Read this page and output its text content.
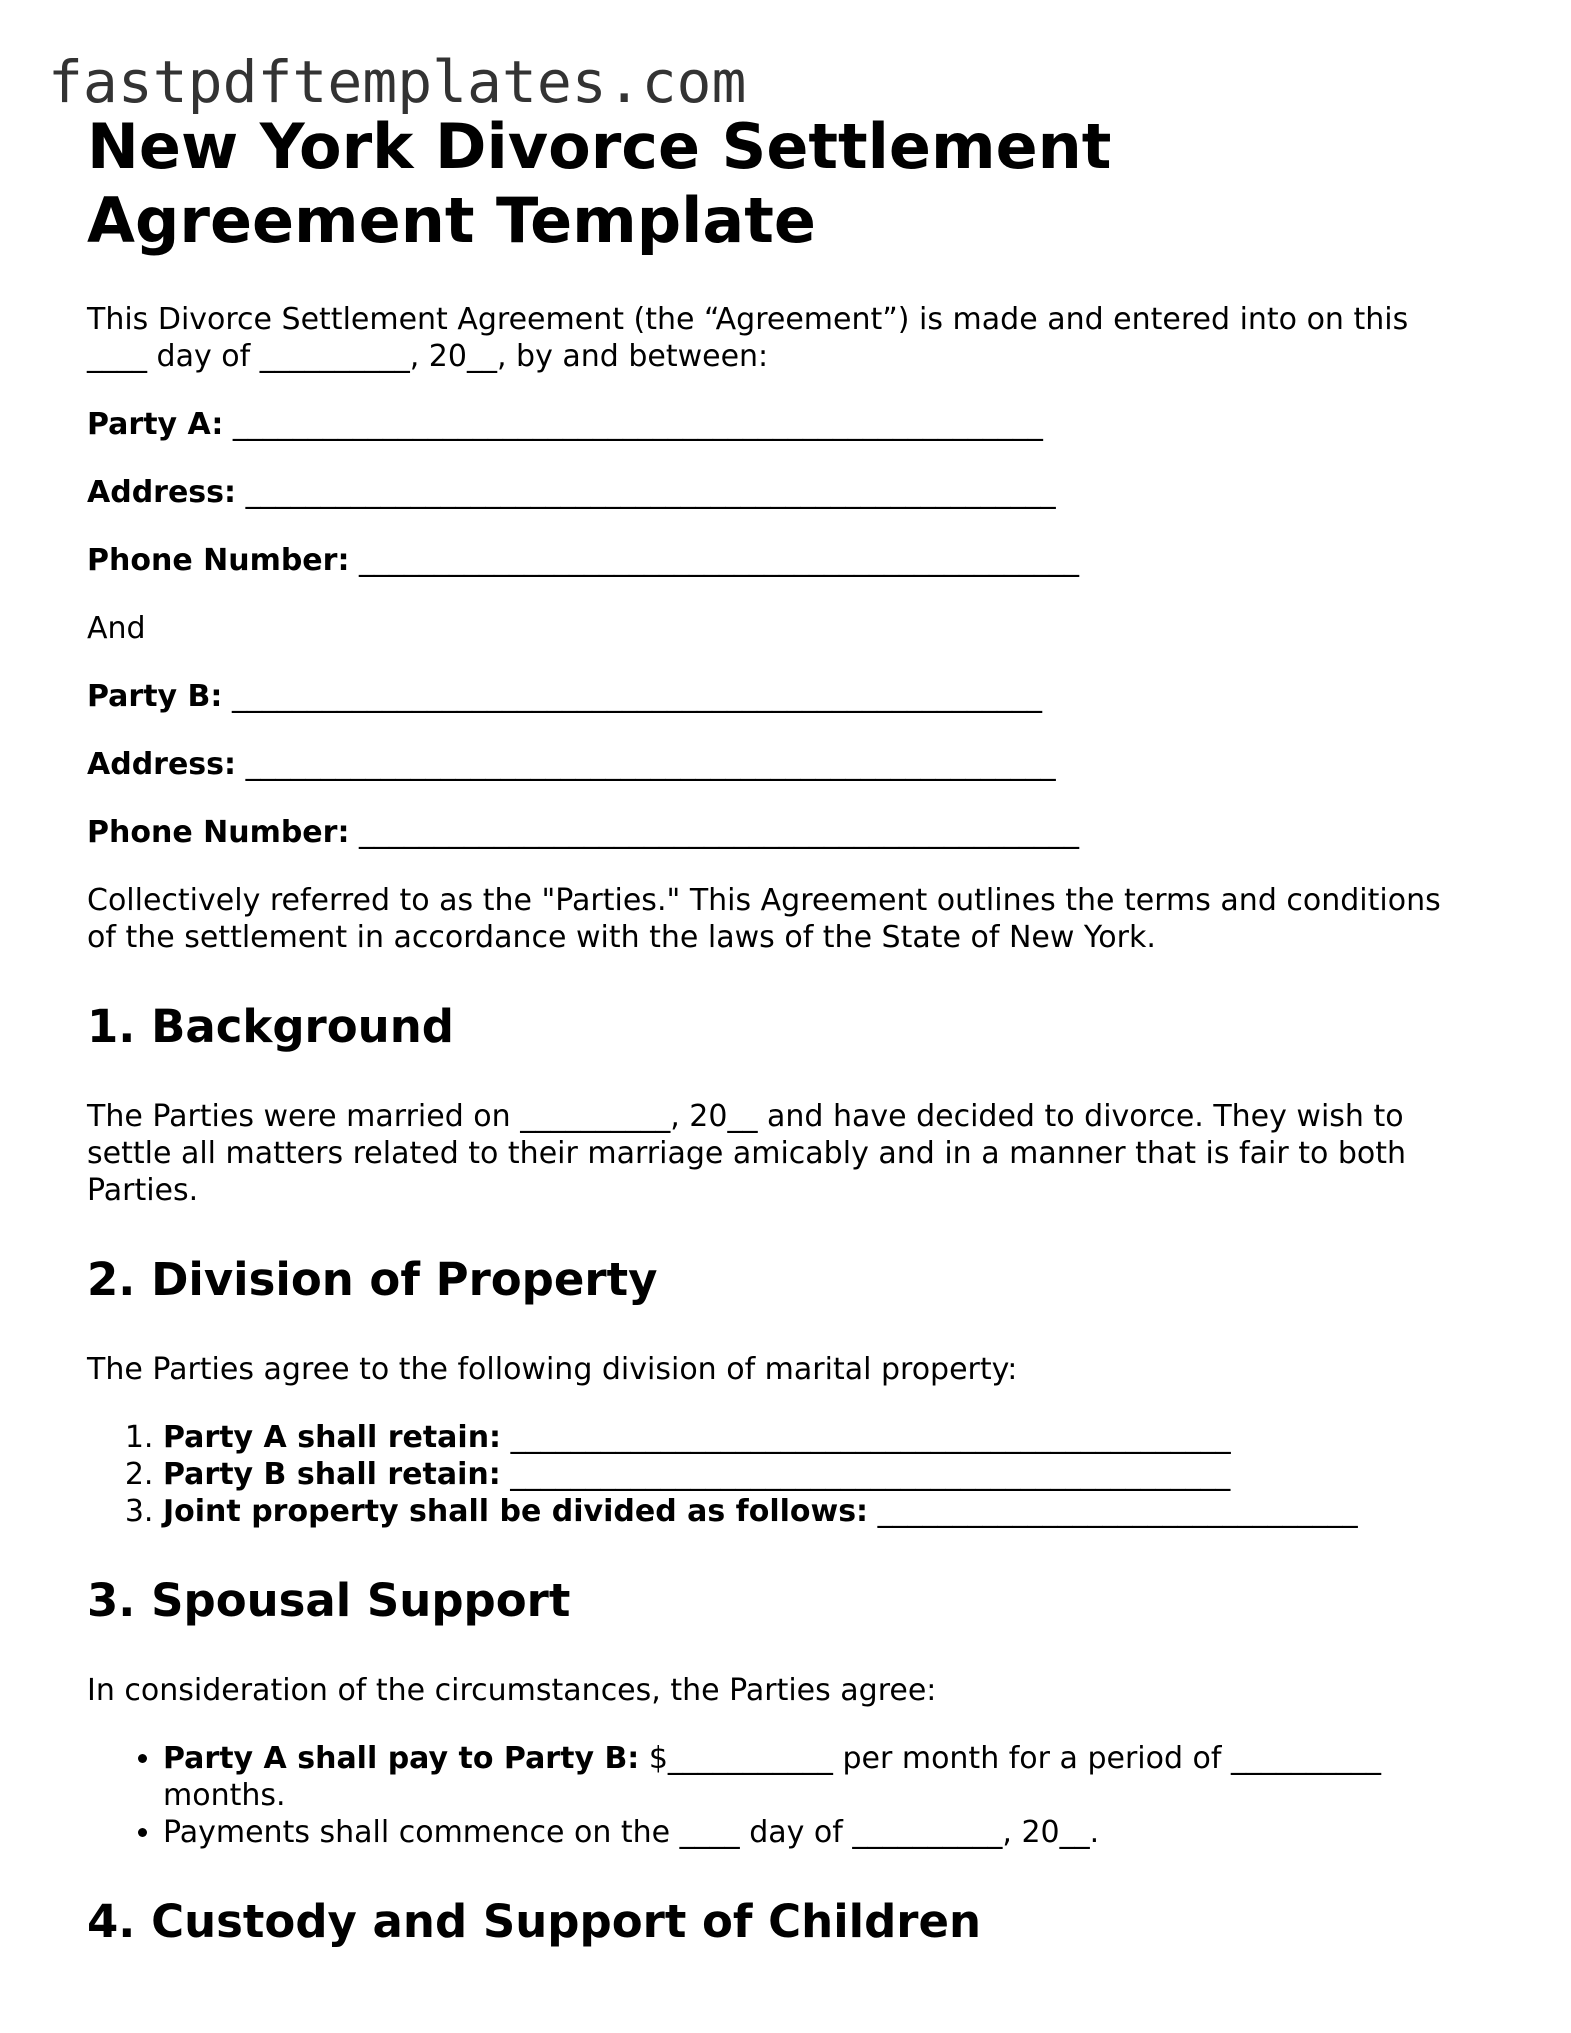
fastpdftemplates.com
New York Divorce Settlement
Agreement Template

This Divorce Settlement Agreement (the “Agreement”) is made and entered into on this
____ day of __________, 20__, by and between:

Party A: ______________________________________________________

Address: ______________________________________________________

Phone Number: ________________________________________________

And

Party B: ______________________________________________________

Address: ______________________________________________________

Phone Number: ________________________________________________

Collectively referred to as the "Parties." This Agreement outlines the terms and conditions
of the settlement in accordance with the laws of the State of New York.

1. Background

The Parties were married on __________, 20__ and have decided to divorce. They wish to
settle all matters related to their marriage amicably and in a manner that is fair to both
Parties.

2. Division of Property

The Parties agree to the following division of marital property:

1. Party A shall retain: ________________________________________________
2. Party B shall retain: ________________________________________________
3. Joint property shall be divided as follows: ________________________________
3. Spousal Support

In consideration of the circumstances, the Parties agree:

• Party A shall pay to Party B: $___________ per month for a period of __________
months.
• Payments shall commence on the ____ day of __________, 20__.
4. Custody and Support of Children
